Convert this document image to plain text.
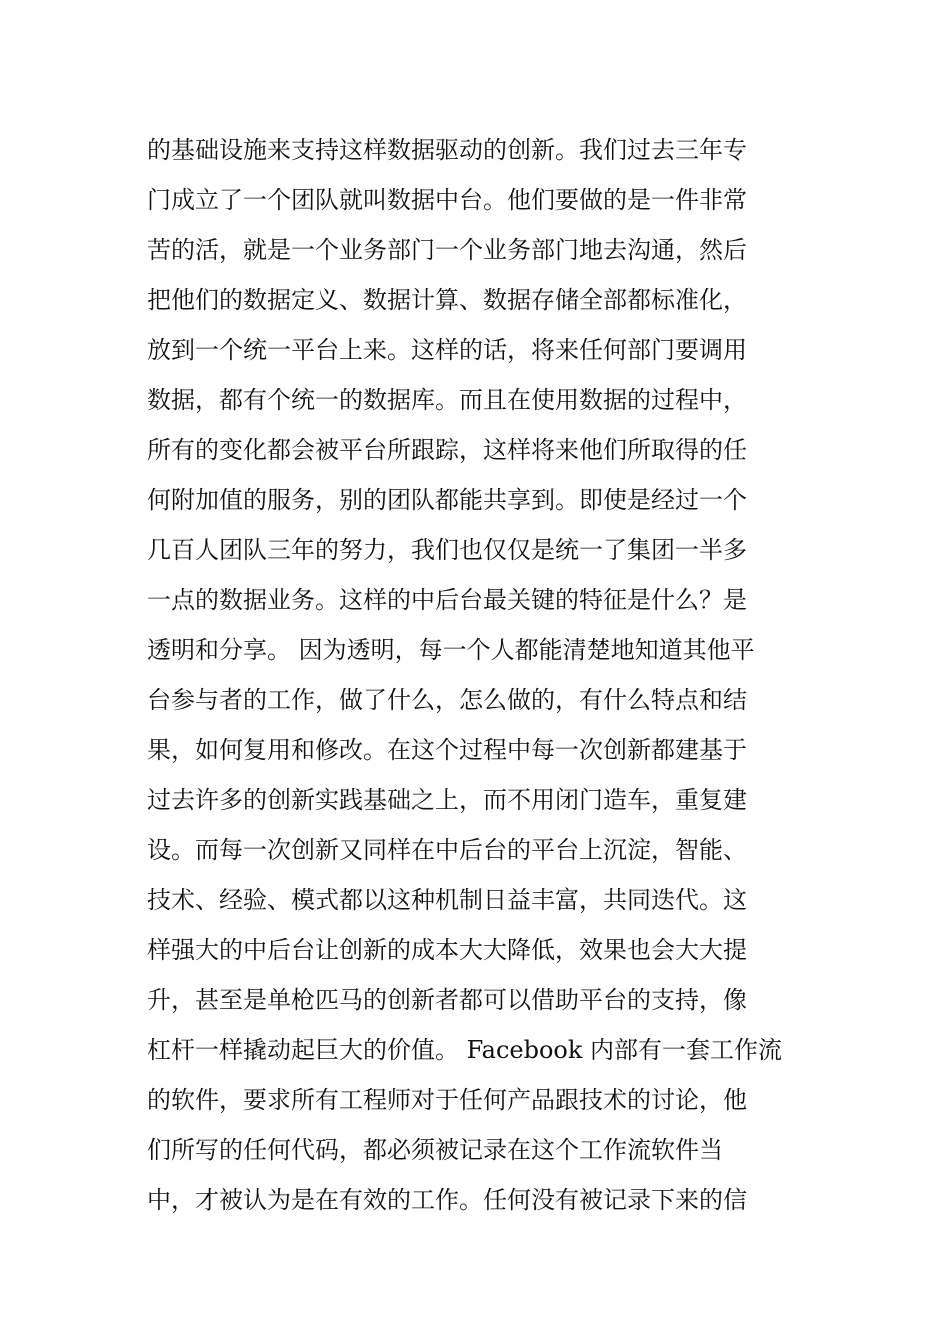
的基础设施来支持这样数据驱动的创新。我们过去三年专
门成立了一个团队就叫数据中台。他们要做的是一件非常
苦的活，就是一个业务部门一个业务部门地去沟通，然后
把他们的数据定义、数据计算、数据存储全部都标准化，
放到一个统一平台上来。这样的话，将来任何部门要调用
数据，都有个统一的数据库。而且在使用数据的过程中，
所有的变化都会被平台所跟踪，这样将来他们所取得的任
何附加值的服务，别的团队都能共享到。即使是经过一个
几百人团队三年的努力，我们也仅仅是统一了集团一半多
一点的数据业务。这样的中后台最关键的特征是什么？是
透明和分享。 因为透明，每一个人都能清楚地知道其他平
台参与者的工作，做了什么，怎么做的，有什么特点和结
果，如何复用和修改。在这个过程中每一次创新都建基于
过去许多的创新实践基础之上，而不用闭门造车，重复建
设。而每一次创新又同样在中后台的平台上沉淀，智能、
技术、经验、模式都以这种机制日益丰富，共同迭代。这
样强大的中后台让创新的成本大大降低，效果也会大大提
升，甚至是单枪匹马的创新者都可以借助平台的支持，像
杠杆一样撬动起巨大的价值。 Facebook 内部有一套工作流
的软件，要求所有工程师对于任何产品跟技术的讨论，他
们所写的任何代码，都必须被记录在这个工作流软件当
中，才被认为是在有效的工作。任何没有被记录下来的信
